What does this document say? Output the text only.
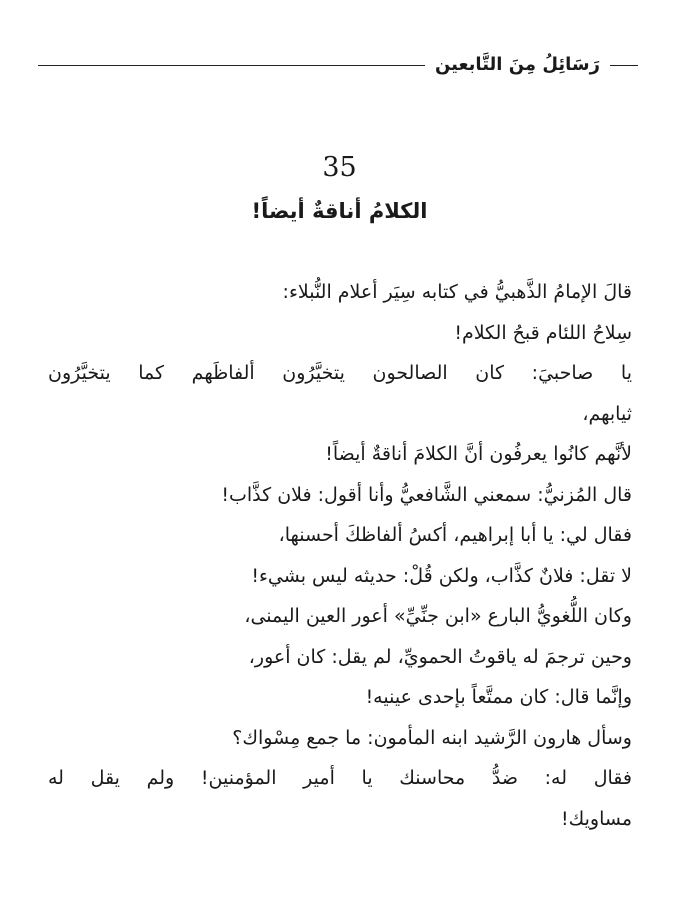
رَسَائِلُ مِنَ التَّابعين
35
الكلامُ أناقةٌ أيضاً!
قالَ الإمامُ الذَّهبيُّ في كتابه سِيَر أعلام النُّبلاء:
سِلاحُ اللئام قبحُ الكلام!
يا صاحبيَ: كان الصالحون يتخيَّرُون ألفاظَهم كما يتخيَّرُون
ثيابهم،
لأنَّهم كانُوا يعرفُون أنَّ الكلامَ أناقةٌ أيضاً!
قال المُزنيُّ: سمعني الشَّافعيُّ وأنا أقول: فلان كذَّاب!
فقال لي: يا أبا إبراهيم، أكسُ ألفاظكَ أحسنها،
لا تقل: فلانٌ كذَّاب، ولكن قُلْ: حديثه ليس بشيء!
وكان اللُّغويُّ البارع «ابن جنِّيِّ» أعور العين اليمنى،
وحين ترجمَ له ياقوتُ الحمويِّ، لم يقل: كان أعور،
وإنَّما قال: كان ممتَّعاً بإحدى عينيه!
وسأل هارون الرَّشيد ابنه المأمون: ما جمع مِسْواك؟
فقال له: ضدُّ محاسنك يا أمير المؤمنين! ولم يقل له
مساويك!
